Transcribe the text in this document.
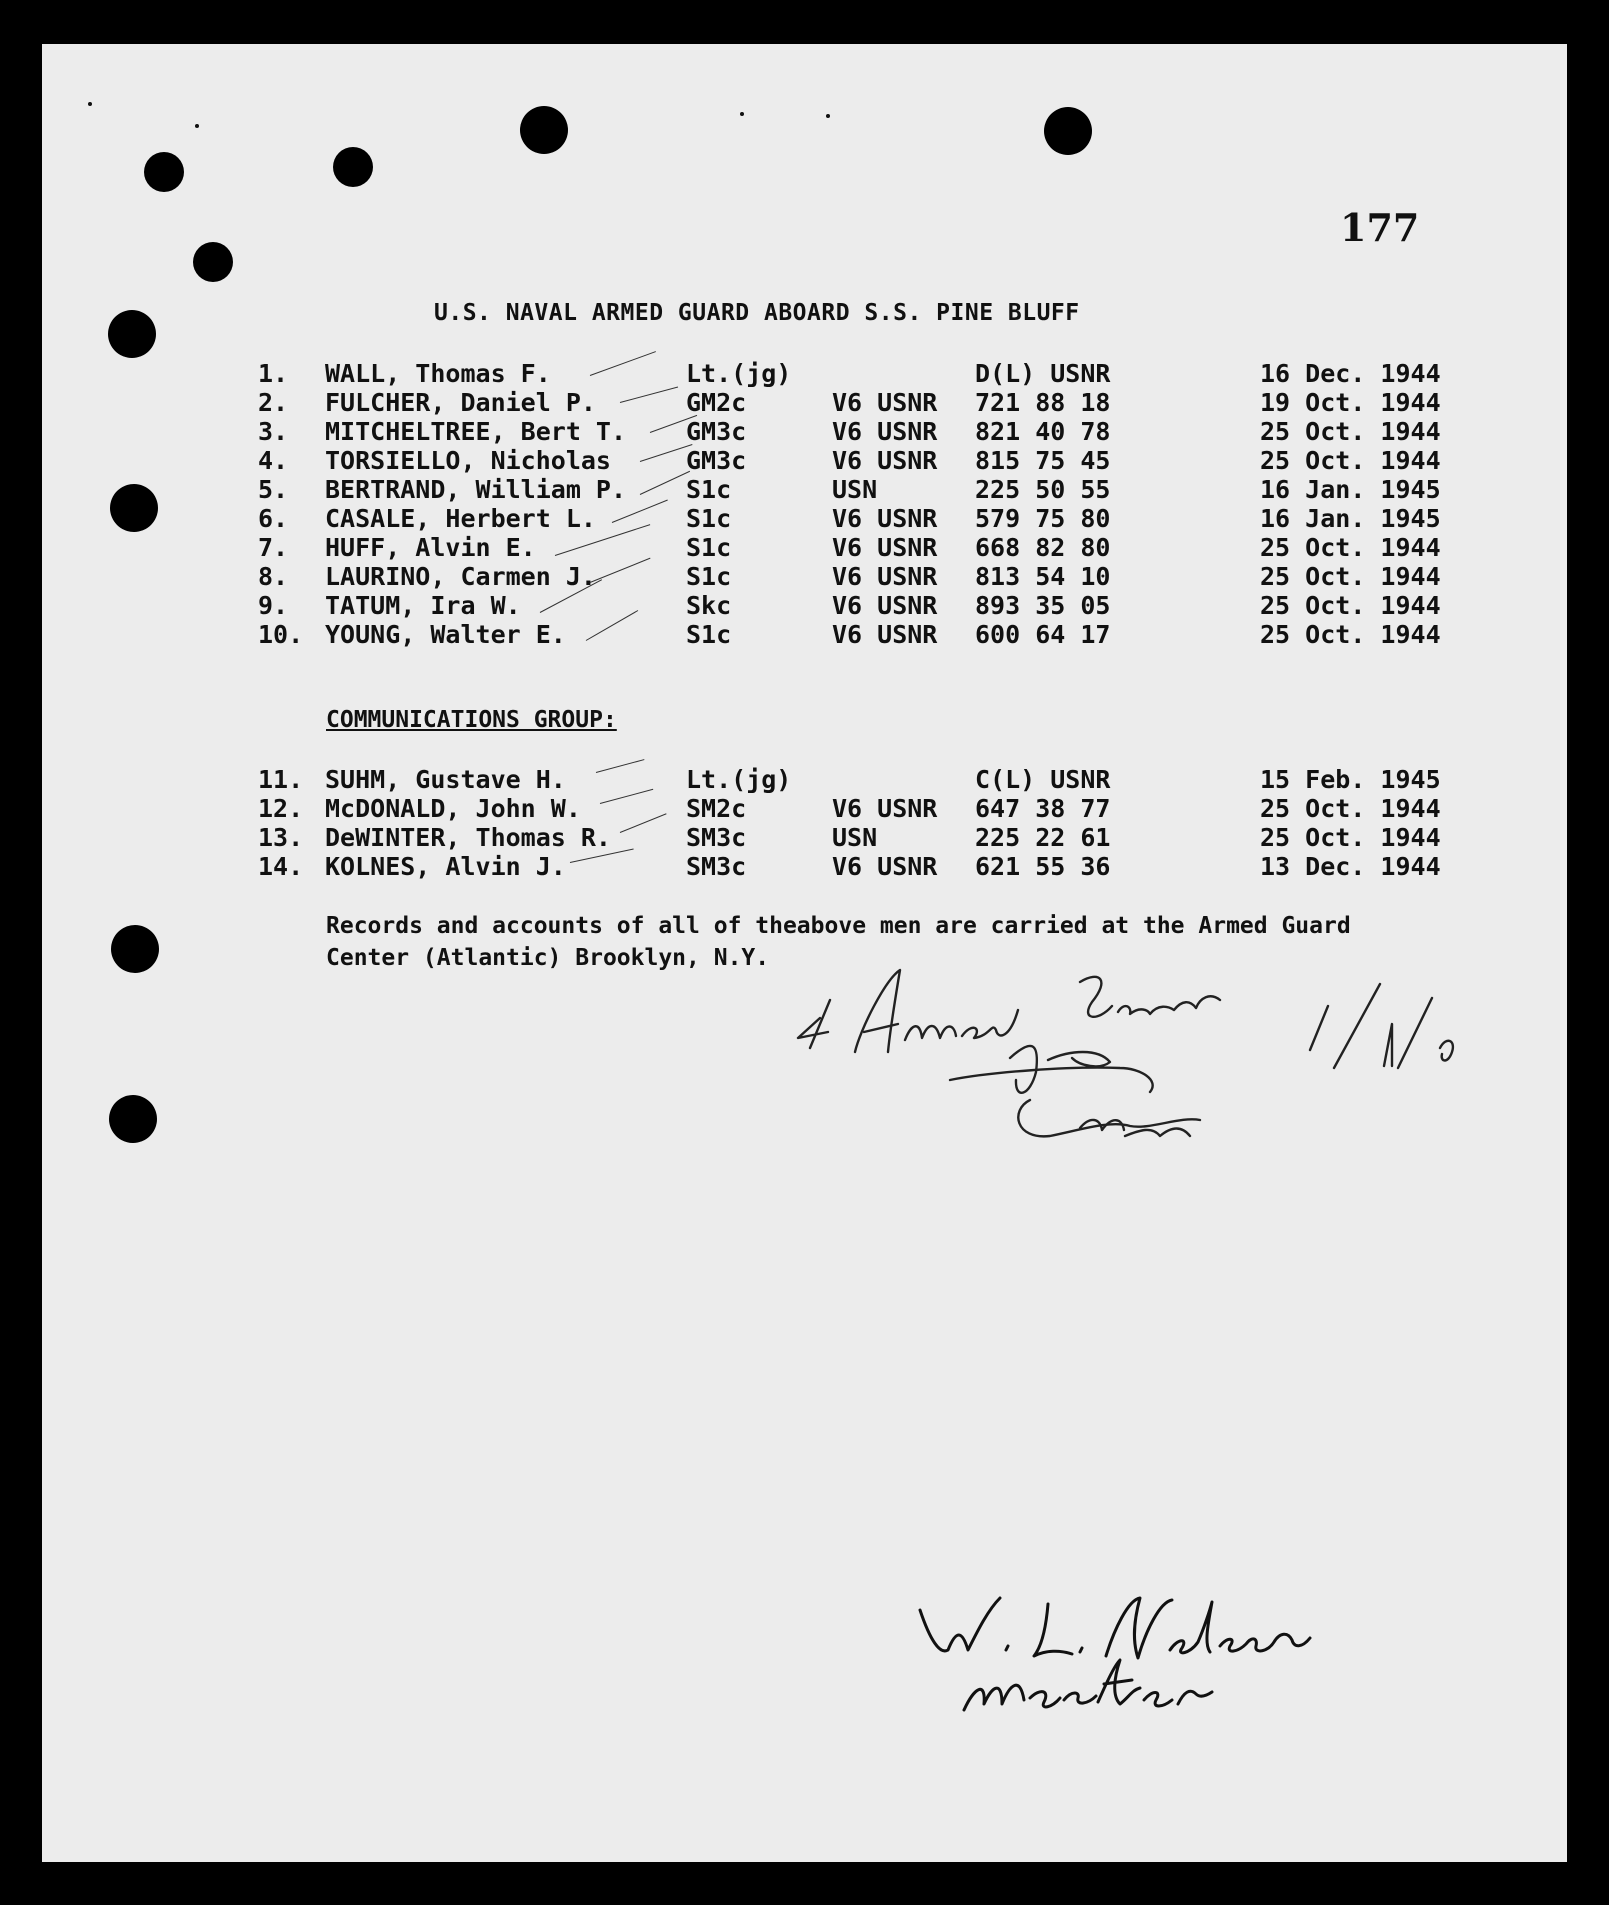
177
U.S. NAVAL ARMED GUARD ABOARD S.S. PINE BLUFF
1. WALL, Thomas F.	Lt.(jg)	D(L) USNR	16 Dec. 1944
2. FULCHER, Daniel P.	GM2c	V6 USNR 721 88 18	19 Oct. 1944
3. MITCHELTREE, Bert T. GM3c	V6 USNR 821 40 78	25 Oct. 1944
4. TORSIELLO, Nicholas	GM3c	V6 USNR 815 75 45	25 Oct. 1944
5. BERTRAND, William P. S1c	USN	225 50 55	16 Jan. 1945
6. CASALE, Herbert L.	S1c	V6 USNR 579 75 80	16 Jan. 1945
7. HUFF, Alvin E.	S1c	V6 USNR 668 82 80	25 Oct. 1944
8. LAURINO, Carmen J.	S1c	V6 USNR 813 54 10	25 Oct. 1944
9. TATUM, Ira W.	Skc	V6 USNR 893 35 05	25 Oct. 1944
10. YOUNG, Walter E.	S1c	V6 USNR 600 64 17	25 Oct. 1944
COMMUNICATIONS GROUP:
11. SUHM, Gustave H.	Lt.(jg)	C(L) USNR	15 Feb. 1945
12. McDONALD, John W.	SM2c	V6 USNR 647 38 77	25 Oct. 1944
13. DeWINTER, Thomas R.	SM3c	USN	225 22 61	25 Oct. 1944
14. KOLNES, Alvin J.	SM3c	V6 USNR 621 55 36	13 Dec. 1944
Records and accounts of all of theabove men are carried at the Armed Guard Center (Atlantic) Brooklyn, N.Y.
